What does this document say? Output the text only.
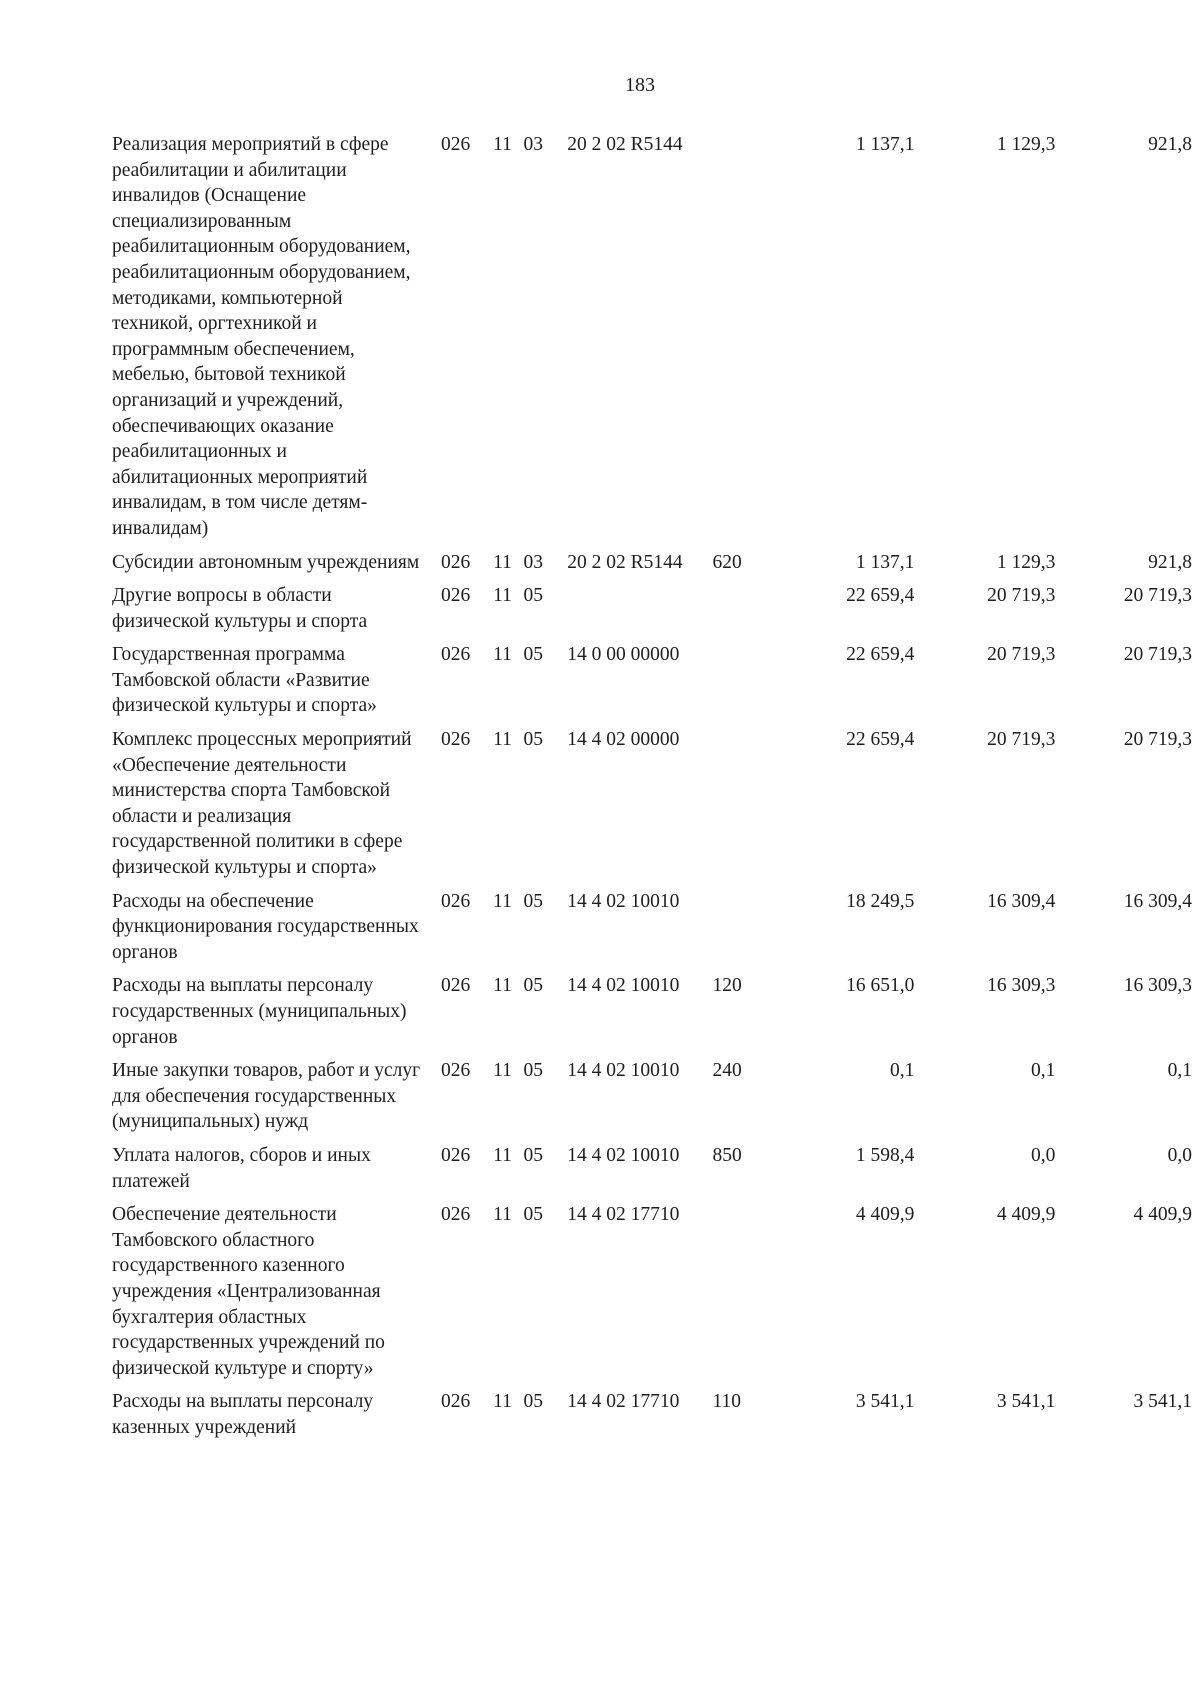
183
Реализация мероприятий в сфере реабилитации и абилитации инвалидов (Оснащение специализированным реабилитационным оборудованием, реабилитационным оборудованием, методиками, компьютерной техникой, оргтехникой и программным обеспечением, мебелью, бытовой техникой организаций и учреждений, обеспечивающих оказание реабилитационных и абилитационных мероприятий инвалидам, в том числе детям-инвалидам)	026	11	03	20 2 02 R5144		1 137,1	1 129,3	921,8
Субсидии автономным учреждениям	026	11	03	20 2 02 R5144	620	1 137,1	1 129,3	921,8
Другие вопросы в области физической культуры и спорта	026	11	05			22 659,4	20 719,3	20 719,3
Государственная программа Тамбовской области «Развитие физической культуры и спорта»	026	11	05	14 0 00 00000		22 659,4	20 719,3	20 719,3
Комплекс процессных мероприятий «Обеспечение деятельности министерства спорта Тамбовской области и реализация государственной политики в сфере физической культуры и спорта»	026	11	05	14 4 02 00000		22 659,4	20 719,3	20 719,3
Расходы на обеспечение функционирования государственных органов	026	11	05	14 4 02 10010		18 249,5	16 309,4	16 309,4
Расходы на выплаты персоналу государственных (муниципальных) органов	026	11	05	14 4 02 10010	120	16 651,0	16 309,3	16 309,3
Иные закупки товаров, работ и услуг для обеспечения государственных (муниципальных) нужд	026	11	05	14 4 02 10010	240	0,1	0,1	0,1
Уплата налогов, сборов и иных платежей	026	11	05	14 4 02 10010	850	1 598,4	0,0	0,0
Обеспечение деятельности Тамбовского областного государственного казенного учреждения «Централизованная бухгалтерия областных государственных учреждений по физической культуре и спорту»	026	11	05	14 4 02 17710		4 409,9	4 409,9	4 409,9
Расходы на выплаты персоналу казенных учреждений	026	11	05	14 4 02 17710	110	3 541,1	3 541,1	3 541,1
